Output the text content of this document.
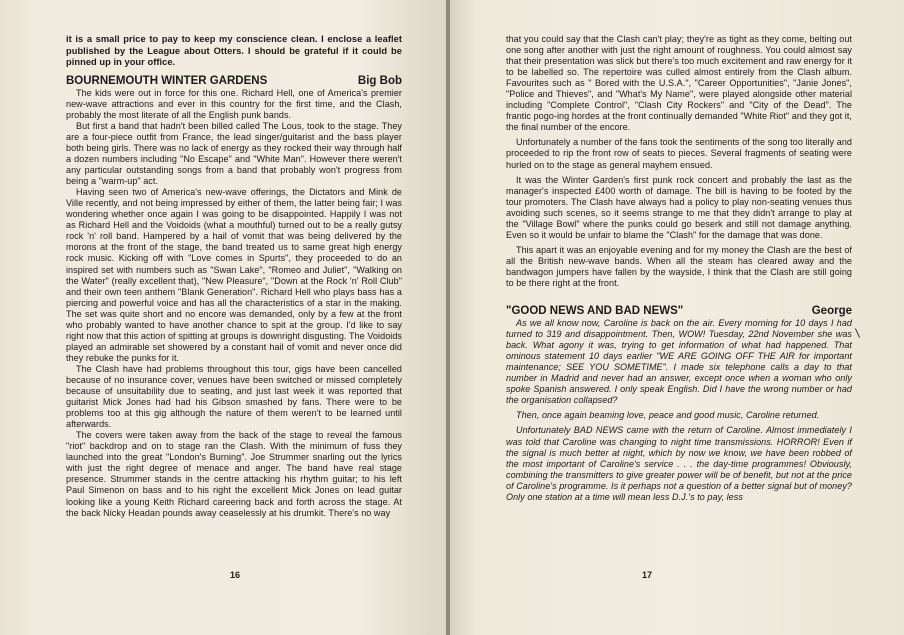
it is a small price to pay to keep my conscience clean. I enclose a leaflet published by the League about Otters. I should be grateful if it could be pinned up in your office.

BOURNEMOUTH WINTER GARDENS	Big Bob

The kids were out in force for this one. Richard Hell, one of America's premier new-wave attractions and ever in this country for the first time, and the Clash, probably the most literate of all the English punk bands.

But first a band that hadn't been billed called The Lous, took to the stage. They are a four-piece outfit from France, the lead singer/guitarist and the bass player both being girls. There was no lack of energy as they rocked their way through half a dozen numbers including "No Escape" and "White Man". However there weren't any particular outstanding songs from a band that probably won't progress from being a "warm-up" act.

Having seen two of America's new-wave offerings, the Dictators and Mink de Ville recently, and not being impressed by either of them, the latter being fair; I was wondering whether once again I was going to be disappointed. Happily I was not as Richard Hell and the Voidoids (what a mouthful) turned out to be a really gutsy rock 'n' roll band. Hampered by a hail of vomit that was being delivered by the morons at the front of the stage, the band treated us to same great high energy rock music. Kicking off with "Love comes in Spurts", they proceeded to do an inspired set with numbers such as "Swan Lake", "Romeo and Juliet", "Walking on the Water" (really excellent that), "New Pleasure", "Down at the Rock 'n' Roll Club" and their own teen anthem "Blank Generation". Richard Hell who plays bass has a piercing and powerful voice and has all the characteristics of a star in the making. The set was quite short and no encore was demanded, only by a few at the front who probably wanted to have another chance to spit at the group. I'd like to say right now that this action of spitting at groups is downright disgusting. The Voidoids played an admirable set showered by a constant hail of vomit and never once did they rebuke the punks for it.

The Clash have had problems throughout this tour, gigs have been cancelled because of no insurance cover, venues have been switched or missed completely because of unsuitability due to seating, and just last week it was reported that guitarist Mick Jones had had his Gibson smashed by fans. There were to be problems too at this gig although the nature of them weren't to be learned until afterwards.

The covers were taken away from the back of the stage to reveal the famous "riot" backdrop and on to stage ran the Clash. With the minimum of fuss they launched into the great "London's Burning". Joe Strummer snarling out the lyrics with just the right degree of menace and anger. The band have real stage presence. Strummer stands in the centre attacking his rhythm guitar; to his left Paul Simenon on bass and to his right the excellent Mick Jones on lead guitar looking like a young Keith Richard careering back and forth across the stage. At the back Nicky Headan pounds away ceaselessly at his drumkit. There's no way

16

that you could say that the Clash can't play; they're as tight as they come, belting out one song after another with just the right amount of roughness. You could almost say that their presentation was slick but there's too much excitement and raw energy for it to be labelled so. The repertoire was culled almost entirely from the Clash album. Favourites such as " Bored with the U.S.A.", "Career Opportunities", "Janie Jones", "Police and Thieves", and "What's My Name", were played alongside other material including "Complete Control", "Clash City Rockers" and "City of the Dead". The frantic pogo-ing hordes at the front continually demanded "White Riot" and they got it, the final number of the encore.

Unfortunately a number of the fans took the sentiments of the song too literally and proceeded to rip the front row of seats to pieces. Several fragments of seating were hurled on to the stage as general mayhem ensued.

It was the Winter Garden's first punk rock concert and probably the last as the manager's inspected £400 worth of damage. The bill is having to be footed by the tour promoters. The Clash have always had a policy to play non-seating venues thus avoiding such scenes, so it seems strange to me that they didn't arrange to play at the "Village Bowl" where the punks could go beserk and still not damage anything. Even so it would be unfair to blame the "Clash" for the damage that was done.

This apart it was an enjoyable evening and for my money the Clash are the best of all the British new-wave bands. When all the steam has cleared away and the bandwagon jumpers have fallen by the wayside, I think that the Clash are still going to be there right at the front.

"GOOD NEWS AND BAD NEWS"	George

As we all know now, Caroline is back on the air. Every morning for 10 days I had turned to 319 and disappointment. Then, WOW! Tuesday, 22nd November she was back. What agony it was, trying to get information of what had happened. That ominous statement 10 days earlier "WE ARE GOING OFF THE AIR for important maintenance; SEE YOU SOMETIME". I made six telephone calls a day to that number in Madrid and never had an answer, except once when a woman who only spoke Spanish answered. I only speak English. Did I have the wrong number or had the organisation collapsed?

Then, once again beaming love, peace and good music, Caroline returned.

Unfortunately BAD NEWS came with the return of Caroline. Almost immediately I was told that Caroline was changing to night time transmissions. HORROR! Even if the signal is much better at night, which by now we know, we have been robbed of the most important of Caroline's service . . . the day-time programmes! Obviously, combining the transmitters to give greater power will be of benefit, but not at the price of Caroline's programme. Is it perhaps not a question of a better signal but of money? Only one station at a time will mean less D.J.'s to pay, less

17
